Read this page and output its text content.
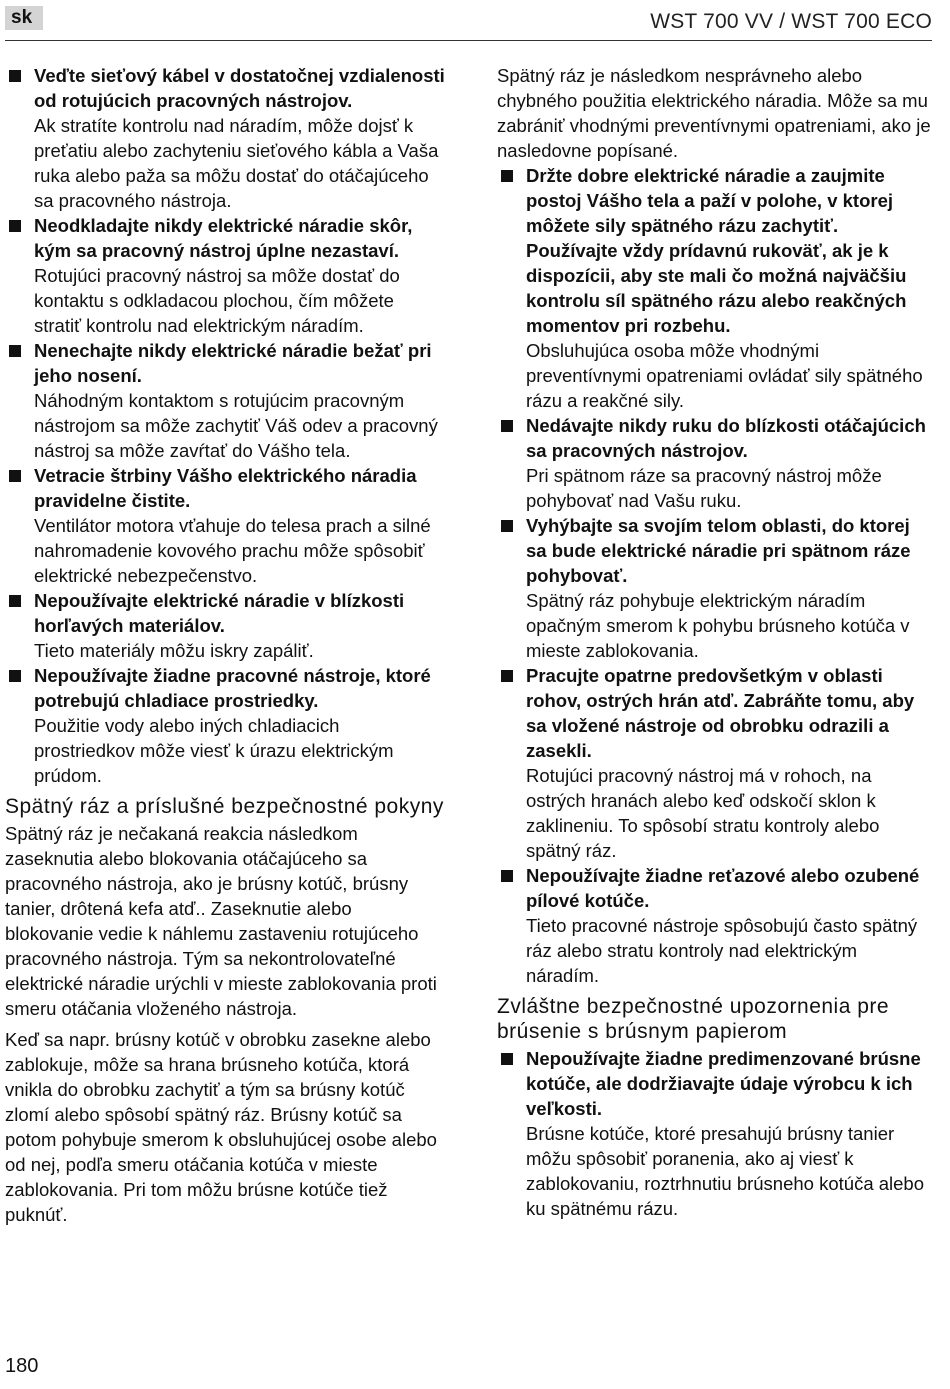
sk	WST 700 VV / WST 700 ECO
Veďte sieťový kábel v dostatočnej vzdialenosti od rotujúcich pracovných nástrojov.
Ak stratíte kontrolu nad náradím, môže dojsť k preťatiu alebo zachyteniu sieťového kábla a Vaša ruka alebo paža sa môžu dostať do otáčajúceho sa pracovného nástroja.
Neodkladajte nikdy elektrické náradie skôr, kým sa pracovný nástroj úplne nezastaví.
Rotujúci pracovný nástroj sa môže dostať do kontaktu s odkladacou plochou, čím môžete stratiť kontrolu nad elektrickým náradím.
Nenechajte nikdy elektrické náradie bežať pri jeho nosení.
Náhodným kontaktom s rotujúcim pracovným nástrojom sa môže zachytiť Váš odev a pracovný nástroj sa môže zavŕtať do Vášho tela.
Vetracie štrbiny Vášho elektrického náradia pravidelne čistite.
Ventilátor motora vťahuje do telesa prach a silné nahromadenie kovového prachu môže spôsobiť elektrické nebezpečenstvo.
Nepoužívajte elektrické náradie v blízkosti horľavých materiálov.
Tieto materiály môžu iskry zapáliť.
Nepoužívajte žiadne pracovné nástroje, ktoré potrebujú chladiace prostriedky.
Použitie vody alebo iných chladiacich prostriedkov môže viesť k úrazu elektrickým prúdom.
Spätný ráz a príslušné bezpečnostné pokyny

Spätný ráz je nečakaná reakcia následkom zaseknutia alebo blokovania otáčajúceho sa pracovného nástroja, ako je brúsny kotúč, brúsny tanier, drôtená kefa atď.. Zaseknutie alebo blokovanie vedie k náhlemu zastaveniu rotujúceho pracovného nástroja. Tým sa nekontrolovateľné elektrické náradie urýchli v mieste zablokovania proti smeru otáčania vloženého nástroja.

Keď sa napr. brúsny kotúč v obrobku zasekne alebo zablokuje, môže sa hrana brúsneho kotúča, ktorá vnikla do obrobku zachytiť a tým sa brúsny kotúč zlomí alebo spôsobí spätný ráz. Brúsny kotúč sa potom pohybuje smerom k obsluhujúcej osobe alebo od nej, podľa smeru otáčania kotúča v mieste zablokovania. Pri tom môžu brúsne kotúče tiež puknúť.

Spätný ráz je následkom nesprávneho alebo chybného použitia elektrického náradia. Môže sa mu zabrániť vhodnými preventívnymi opatreniami, ako je nasledovne popísané.

Držte dobre elektrické náradie a zaujmite postoj Vášho tela a paží v polohe, v ktorej môžete sily spätného rázu zachytiť. Používajte vždy prídavnú rukoväť, ak je k dispozícii, aby ste mali čo možná najväčšiu kontrolu síl spätného rázu alebo reakčných momentov pri rozbehu.
Obsluhujúca osoba môže vhodnými preventívnymi opatreniami ovládať sily spätného rázu a reakčné sily.
Nedávajte nikdy ruku do blízkosti otáčajúcich sa pracovných nástrojov.
Pri spätnom ráze sa pracovný nástroj môže pohybovať nad Vašu ruku.
Vyhýbajte sa svojím telom oblasti, do ktorej sa bude elektrické náradie pri spätnom ráze pohybovať.
Spätný ráz pohybuje elektrickým náradím opačným smerom k pohybu brúsneho kotúča v mieste zablokovania.
Pracujte opatrne predovšetkým v oblasti rohov, ostrých hrán atď. Zabráňte tomu, aby sa vložené nástroje od obrobku odrazili a zasekli.
Rotujúci pracovný nástroj má v rohoch, na ostrých hranách alebo keď odskočí sklon k zaklineniu. To spôsobí stratu kontroly alebo spätný ráz.
Nepoužívajte žiadne reťazové alebo ozubené pílové kotúče.
Tieto pracovné nástroje spôsobujú často spätný ráz alebo stratu kontroly nad elektrickým náradím.
Zvláštne bezpečnostné upozornenia pre brúsenie s brúsnym papierom
Nepoužívajte žiadne predimenzované brúsne kotúče, ale dodržiavajte údaje výrobcu k ich veľkosti.
Brúsne kotúče, ktoré presahujú brúsny tanier môžu spôsobiť poranenia, ako aj viesť k zablokovaniu, roztrhnutiu brúsneho kotúča alebo ku spätnému rázu.
180
